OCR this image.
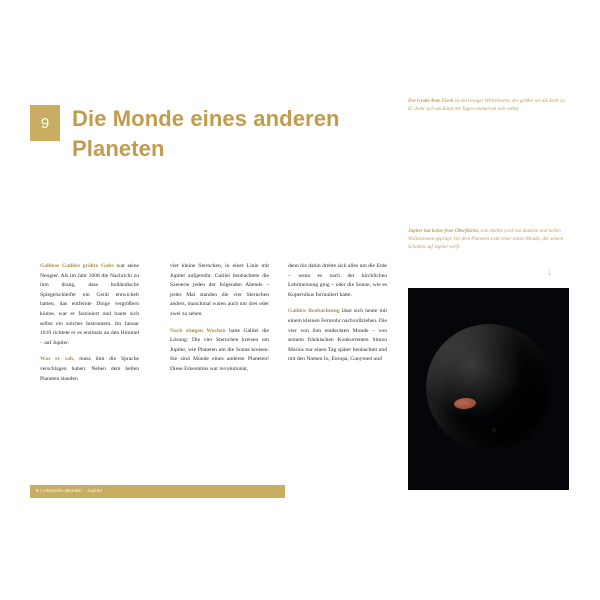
9 Die Monde eines anderen Planeten

Galileos Galileis größte Gabe war seine Neugier. Als im Jahr 1608 die Nachricht zu ihm drang, dass holländische Spiegelschleifer ein Gerät entwickelt hatten, das entfernte Dinge vergrößern könne, war er fasziniert und baute sich selbst ein solches Instrument. Im Januar 1610 richtete er es erstmals an den Himmel – auf Jupiter.

Was er sah, muss ihm die Sprache verschlagen haben: Neben dem hellen Planeten standen

vier kleine Sternchen, in einer Linie mit Jupiter aufgereiht. Galilei beobachtete die Szenerie jeden der folgenden Abende – jedes Mal standen die vier Sternchen anders, manchmal waren auch nur drei oder zwei zu sehen.

Nach einigen Wochen hatte Galilei die Lösung: Die vier Sternchen kreisen um Jupiter, wie Planeten um die Sonne kreisen. Sie sind Monde eines anderen Planeten! Diese Erkenntnis war revolutionär,

denn bis dahin drehte sich alles um die Erde – wenn es nach der kirchlichen Lehrmeinung ging – oder die Sonne, wie es Kopernikus formuliert hatte.

Galileis Beobachtung lässt sich heute mit einem kleinen Fernrohr nachvollziehen. Die vier von ihm entdeckten Monde – von seinem fränkischen Konkurrenten Simon Marius nur einen Tag später beobachtet und mit den Namen Io, Europa, Ganymed und

9 | Himmels-Wunder · Jupiter
Der Große Rote Fleck ist ein riesiger Wirbelsturm, der größer als die Erde ist. Er dreht sich am Rand mit Tagen einmal um sich selbst.
Jupiter hat keine feste Oberfläche, sein Antlitz wird von dunklen und hellen Wolkenzonen geprägt. Vor dem Planeten zieht einer seiner Monde, der seinen Schatten auf Jupiter wirft.
↓
